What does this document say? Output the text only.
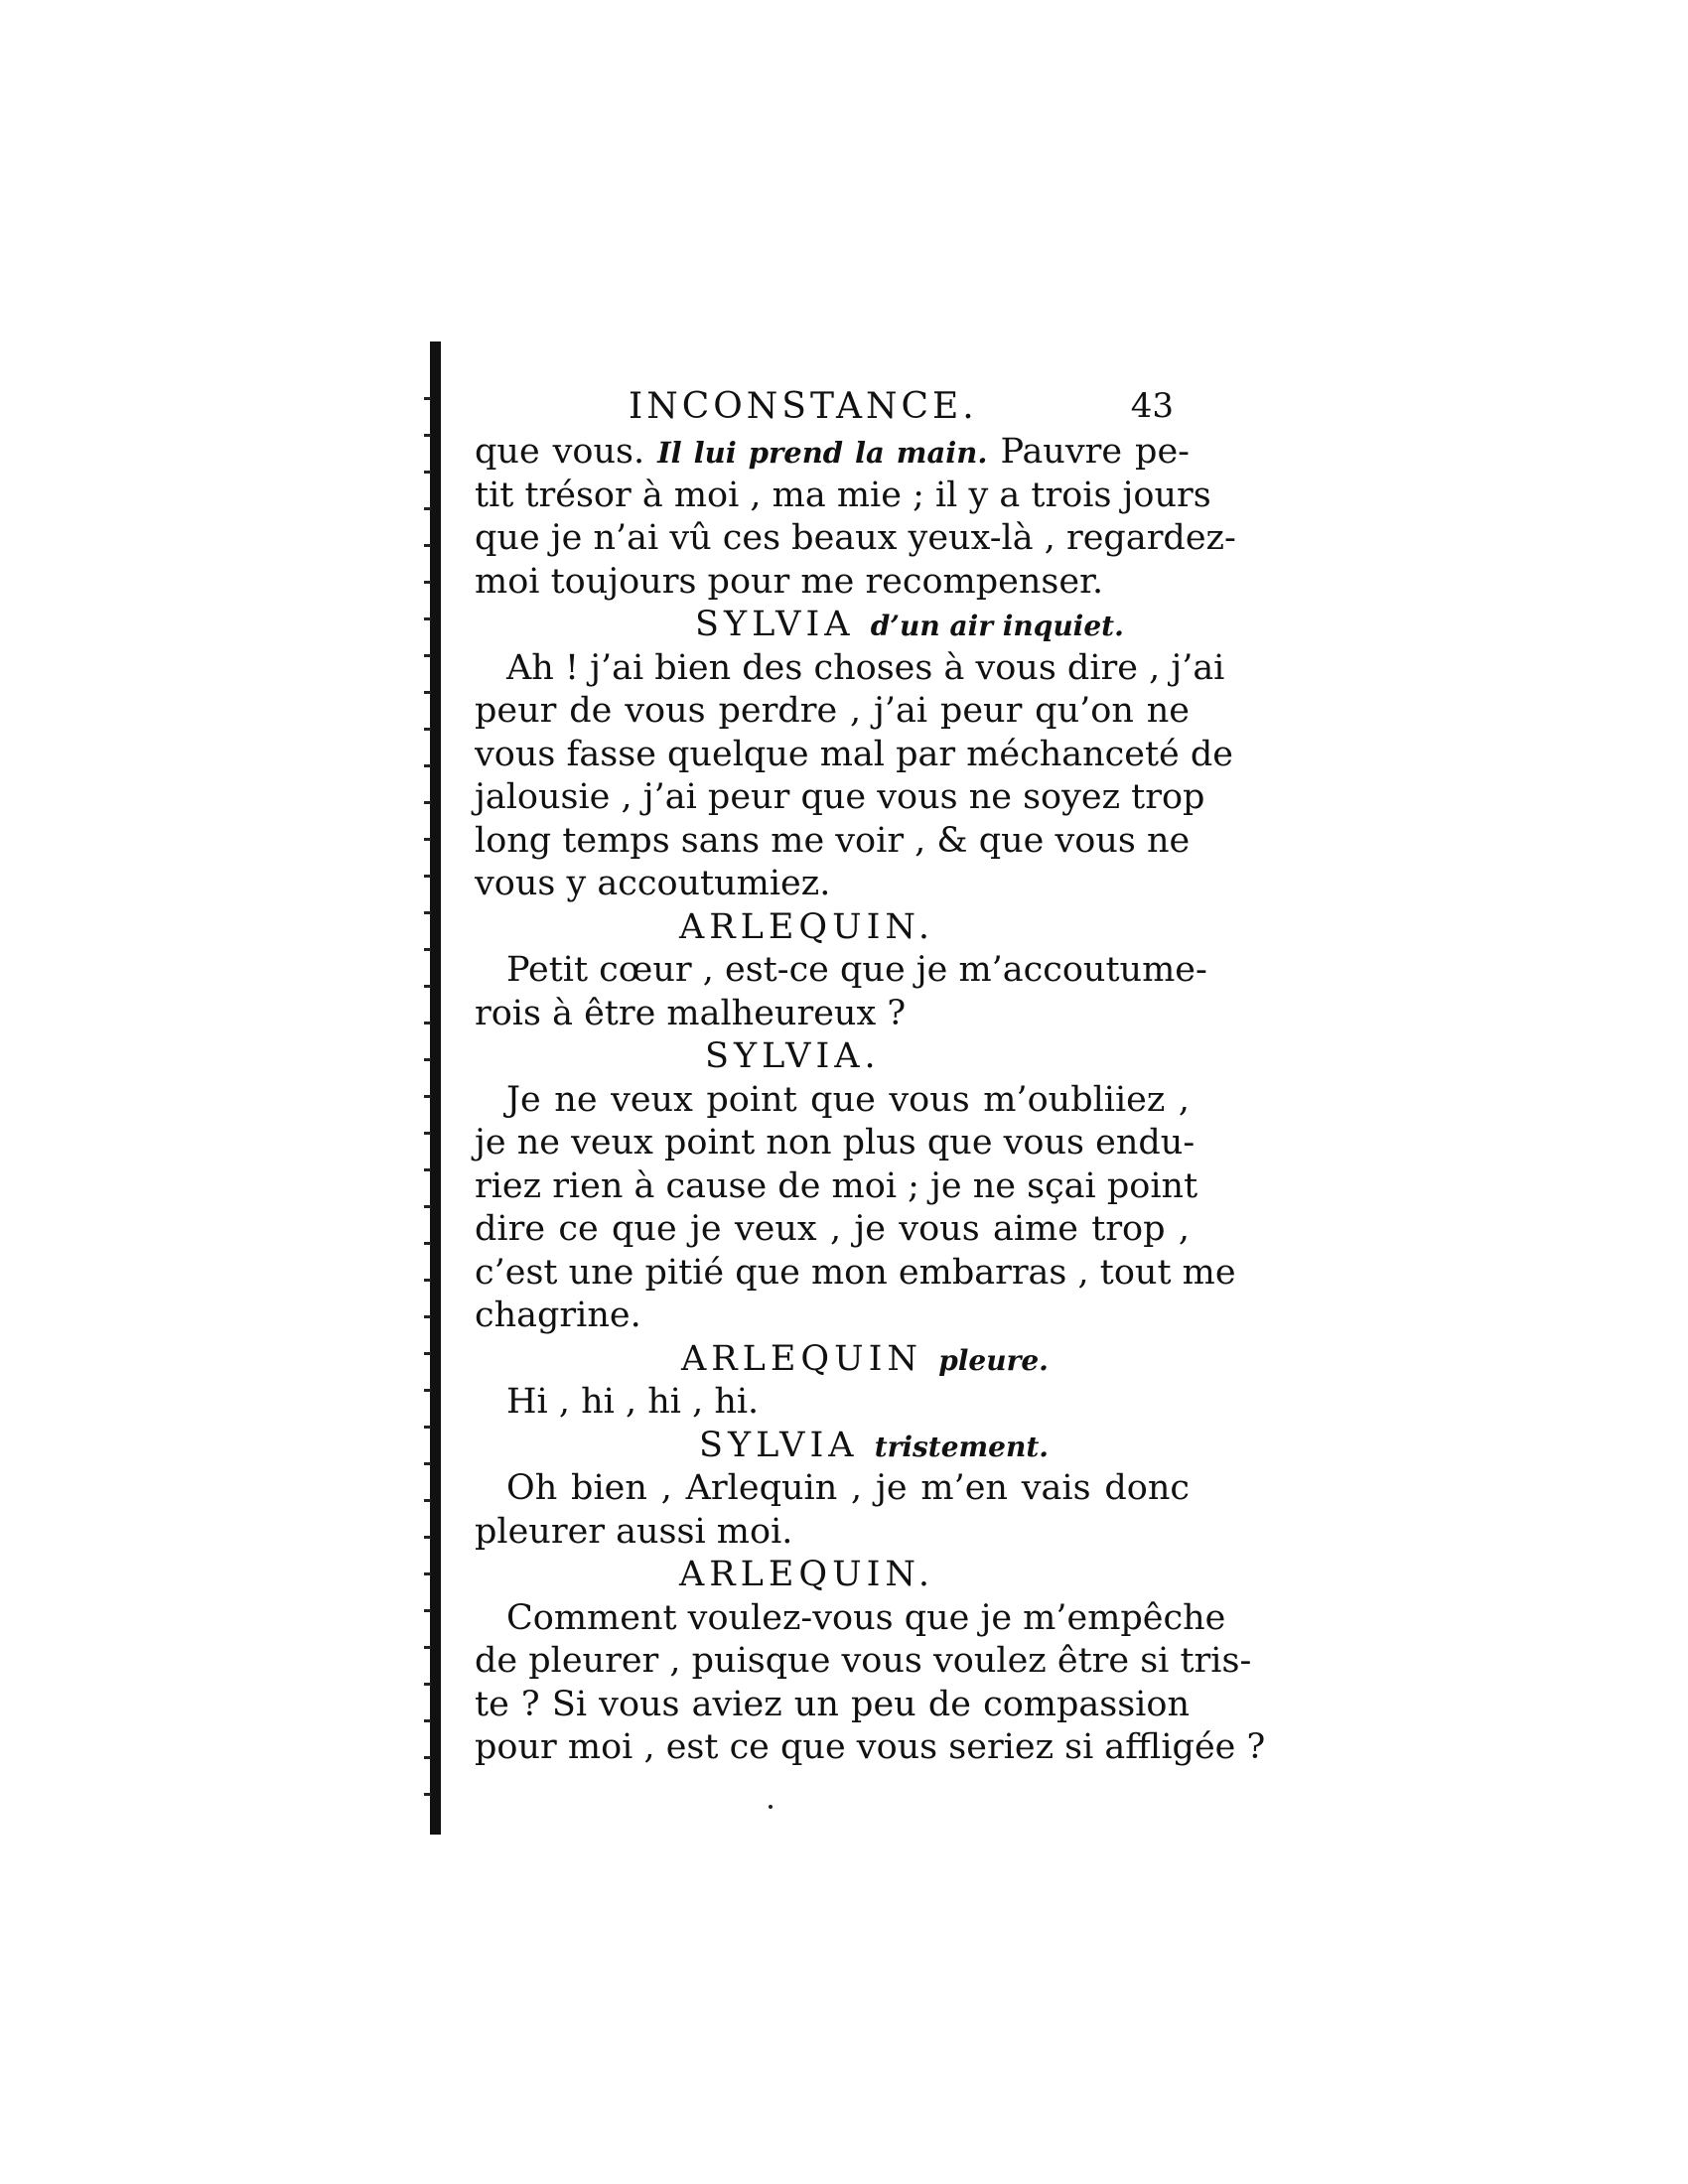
INCONSTANCE.	43
que vous. Il lui prend la main. Pauvre pe-
tit trésor à moi , ma mie ; il y a trois jours
que je n’ai vû ces beaux yeux-là , regardez-
moi toujours pour me recompenser.
SYLVIA d’un air inquiet.
Ah ! j’ai bien des choses à vous dire , j’ai
peur de vous perdre , j’ai peur qu’on ne
vous fasse quelque mal par méchanceté de
jalousie , j’ai peur que vous ne soyez trop
long temps sans me voir , & que vous ne
vous y accoutumiez.
ARLEQUIN.
Petit cœur , est-ce que je m’accoutume-
rois à être malheureux ?
SYLVIA.
Je ne veux point que vous m’oubliiez ,
je ne veux point non plus que vous endu-
riez rien à cause de moi ; je ne sçai point
dire ce que je veux , je vous aime trop ,
c’est une pitié que mon embarras , tout me
chagrine.
ARLEQUIN pleure.
Hi , hi , hi , hi.
SYLVIA tristement.
Oh bien , Arlequin , je m’en vais donc
pleurer aussi moi.
ARLEQUIN.
Comment voulez-vous que je m’empêche
de pleurer , puisque vous voulez être si tris-
te ? Si vous aviez un peu de compassion
pour moi , est ce que vous seriez si affligée ?
